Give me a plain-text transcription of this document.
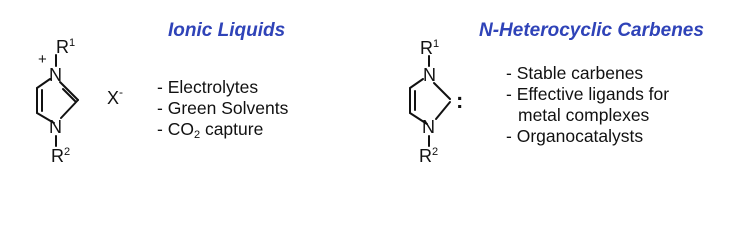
+
N
N
$R^1$
$R^2$
X-
N
N
$R^1$
$R^2$
:
Ionic Liquids	N-Heterocyclic Carbenes
- Electrolytes
- Green Solvents
- $CO_2$ capture
- Stable carbenes
- Effective ligands for
metal complexes
- Organocatalysts
